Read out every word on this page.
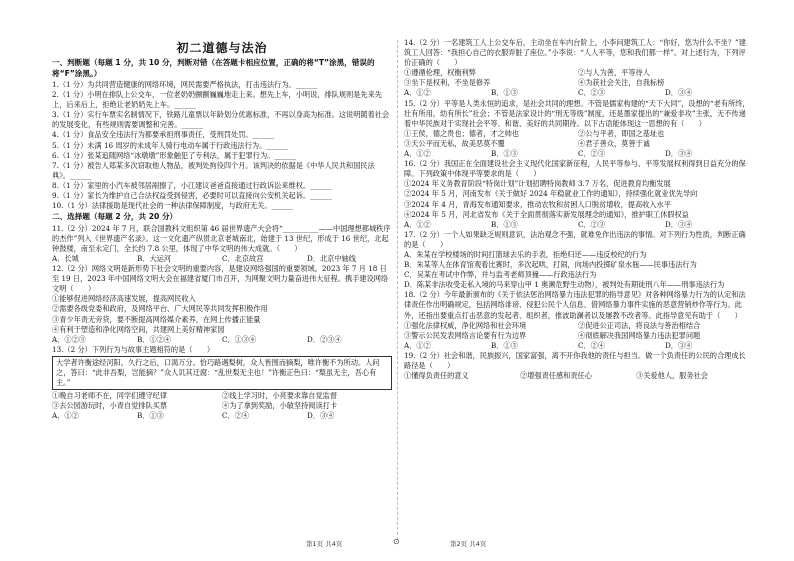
初二道德与法治
一、判断题（每题 1 分，共 10 分，判断对错（在答题卡相应位置，正确的将“T”涂黑，错误的将“F”涂黑。）

1.（1 分）为共同营造健康的网络环境，网民需要严格执法，打击违法行为。______

2.（1 分）小明在排队上公交车，一位老奶奶颤颤巍巍地走上来。想先上车，小明说，排队规则是先来先上，后来后上，拒绝让老奶奶先上车。______

3.（1 分）实行车票实名制情况下，铁路儿童票以年龄划分优惠标准，不再以身高为标准。这说明随着社会的发展变化，有些规则需要调整和完善。______

4.（1 分）食品安全违法行为都要承担刑事责任，受刑罚处罚。______

5.（1 分）未满 16 周岁的未成年人骑行电动车属于行政违法行为。______

6.（1 分）张某追随网络“冰墩墩”形象触犯了专利法，属于犯罪行为。______

7.（1 分）被告人郑某多次窃取他人物品，被判处拘役四个月。该判决的依据是《中华人民共和国民法典》。______

8.（1 分）家里的小汽车被邻居剐擦了，小江建议爸爸直接通过行政诉讼来维权。______

9.（1 分）家长为维护自己合法权益受到侵害，必要时可以直接向公安机关起诉。______

10.（1 分）法律援助是现代社会的一种法律保障制度，与政府无关。______

二、选择题（每题 2 分，共 20 分）

11.（2 分）2024 年 7 月，联合国教科文组织第 46 届世界遗产大会将“__________——中国理想都城秩序的杰作”列入《世界遗产名录》。这一文化遗产纵贯北京老城南北，始建于 13 世纪，形成于 16 世纪，北起钟鼓楼，南至永定门，全长约 7.8 公里，体现了中华文明的伟大成就。（　　）

A．长城	B．大运河	C．北京故宫	D．北京中轴线

12.（2 分）网络文明是新形势下社会文明的重要内容，是建设网络强国的重要领域。2023 年 7 月 18 日至 19 日，2023 年中国网络文明大会在福建省厦门市召开，为网聚文明力量奋进伟大征程。携手建设网络文明（　　）

①能够促进网络经济高速发展，提高网民收入

②需要各级党委和政府，及网络平台、广大网民等共同发挥积极作用

③青少年责无旁贷，要不断提高网络媒介素养，在网上传播正能量

④有利于塑造和净化网络空间，共建网上美好精神家园

A．①②③	B．①②④	C．①③④	D．②③④

13.（2 分）下列行为与故事主题相符的是（　　）

大学者许衡途经河阳，久行之后，口渴万分。恰巧路遇梨树，众人皆围而摘梨，唯许衡不为所动。人问之，答曰：“此非吾梨，岂能摘？”众人讥其迂腐：“乱世梨无主也！”许衡正色曰：“梨虽无主，吾心有主。”
①晚自习老师不在，同学们遵守纪律	②线上学习时，小亮要求靠自觉监督
③去公园游玩时，小青自觉排队买票	④为了拿到奖励，小敏坚持阅读打卡
A．①②	B．①③	C．②④	D．③④

14.（2 分）一名建筑工人上公交车后，主动坐在车内台阶上，小李问建筑工人：“你好，您为什么不坐？”建筑工人回答：“我担心自己的衣服弄脏了座位。”小李说：“人人平等，您和我们都一样”。对上述行为，下列评价正确的（　　）

①遵循伦理，权衡利弊	②与人为善，平等待人
③坐下是权利，不坐是修养	④为获社会关注，自我标榜
A．①②	B．①③	C．②③	D．③④

15.（2 分）平等是人类永恒的追求，是社会共同的理想。不管是儒家构建的“天下大同”，设想的“老有所终，壮有所用，幼有所长”社会；不管是法家设计的“刑无等级”制度，还是墨家提出的“兼爱非攻”主张，无不传递着中华民族对于实现社会平等、和谐、美好的共同期待。以下古语能体现这一思想的有（　　）

①王侯，德之贵也；德者，才之帅也	②公与平者，即国之基址也
③天公平而无私，故美恶莫不覆	④君子善众，莫善于诚
A．①②	B．①③	C．②③	D．③④

16.（2 分）我国正在全面建设社会主义现代化国家新征程，人民平等参与、平等发展权利得到日益充分的保障。下列政策中体现平等要求的是（　　）

①2024 年义务教育阶段“特岗计划”计划招聘特岗教师 3.7 万名，促进教育均衡发展

②2024 年 5 月，河南发布《关于做好 2024 年稳就业工作的通知》，持续强化就业优先导向

③2024 年 4 月，青海发布通知要求，推动农牧和贫困人口脱贫增收，提高收入水平

④2024 年 5 月，河北省发布《关于全面贯彻落实新发展理念的通知》，推护职工休假权益

A．①②	B．①③	C．②③	D．③④

17.（2 分）一个人如果缺乏规则意识，法治观念不强，就难免作出违法的事情。对下列行为性质，判断正确的是（　　）

A．朱某在学校楼场的时间打篮球去乐的手表，拒绝归还——违反校纪的行为

B．朱某等人在体育馆观看比赛时，多次起哄，打闹，向场内投掷矿泉水瓶——民事违法行为

C．吴某在考试中作弊，并与监考老师顶撞——行政违法行为

D．陈某非法收受走私入境的马来穿山甲 1 奥濒危野生动物），被判处有期徒刑八年——刑事违法行为

18.（2 分）今年最新颁布的《关于依法惩治网络暴力违法犯罪的指导意见》对各种网络暴力行为的认定和法律责任作出明确规定，包括网络诽谤、侵犯公民个人信息、借网络暴力事件实施的恶意营销炒作等行为。此外，还指出要重点打击恶意的发起者、组织者，推波助澜者以及屡教不改者等。此指导意见有助于（　　）

①强化法律权威，净化网络和社会环境	②促进公正司法，将良法与善治相结合
③警示公民发表网络言论要有行为边界	④彻底解决我国网络暴力违法犯罪问题
A．①②	B．①③	C．②④	D．③④

19.（2 分）社会和谐，民族振兴，国家富强，离不开你我他的责任与担当。做一个负责任的公民的合理成长路径是（　　）

①懂得负责任的意义	②增强责任感和责任心	③关爱他人，服务社会
第1页 共4页	⊙	第2页 共4页
